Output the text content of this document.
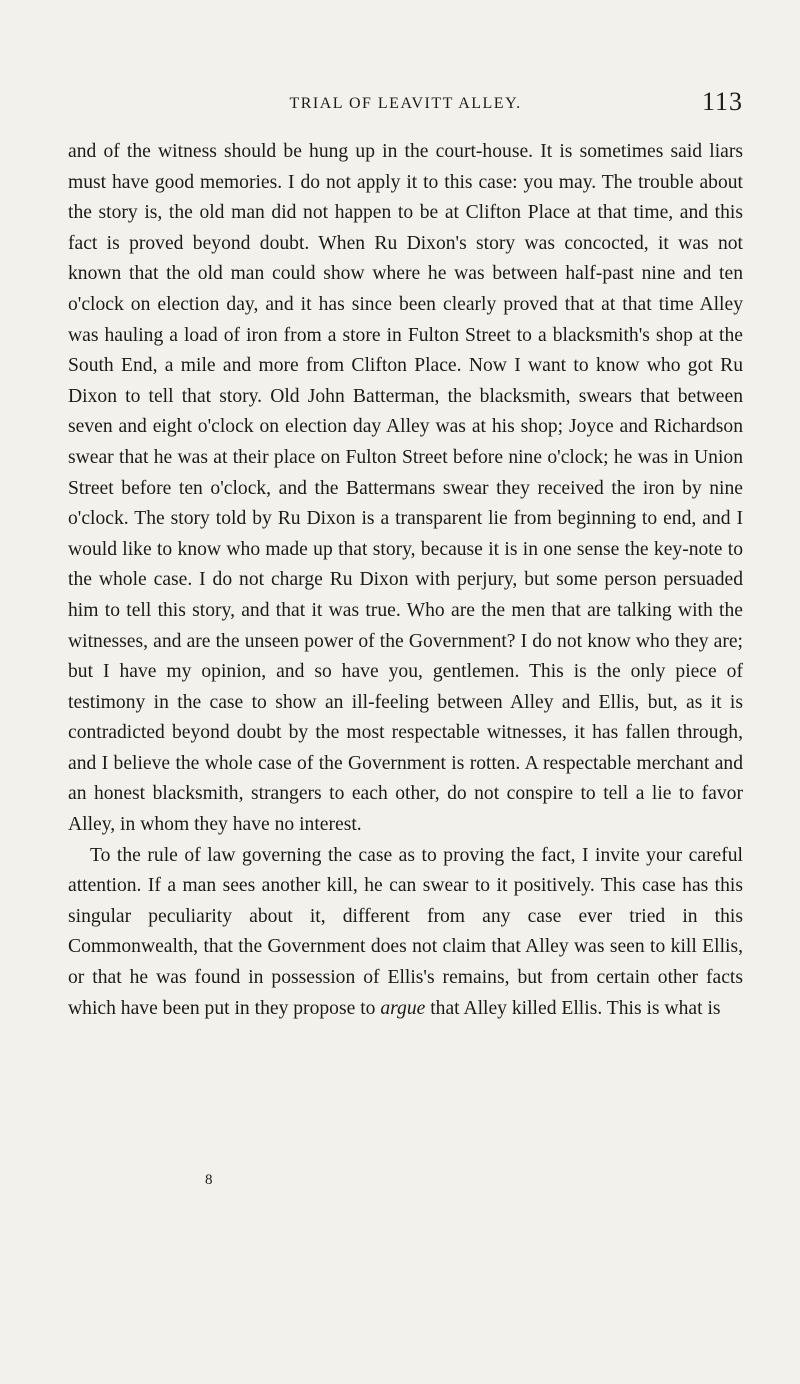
TRIAL OF LEAVITT ALLEY.	113

and of the witness should be hung up in the court-house. It is sometimes said liars must have good memories. I do not apply it to this case: you may. The trouble about the story is, the old man did not happen to be at Clifton Place at that time, and this fact is proved beyond doubt. When Ru Dixon's story was concocted, it was not known that the old man could show where he was between half-past nine and ten o'clock on election day, and it has since been clearly proved that at that time Alley was hauling a load of iron from a store in Fulton Street to a blacksmith's shop at the South End, a mile and more from Clifton Place. Now I want to know who got Ru Dixon to tell that story. Old John Batterman, the blacksmith, swears that between seven and eight o'clock on election day Alley was at his shop; Joyce and Richardson swear that he was at their place on Fulton Street before nine o'clock; he was in Union Street before ten o'clock, and the Battermans swear they received the iron by nine o'clock. The story told by Ru Dixon is a transparent lie from beginning to end, and I would like to know who made up that story, because it is in one sense the key-note to the whole case. I do not charge Ru Dixon with perjury, but some person persuaded him to tell this story, and that it was true. Who are the men that are talking with the witnesses, and are the unseen power of the Government? I do not know who they are; but I have my opinion, and so have you, gentlemen. This is the only piece of testimony in the case to show an ill-feeling between Alley and Ellis, but, as it is contradicted beyond doubt by the most respectable witnesses, it has fallen through, and I believe the whole case of the Government is rotten. A respectable merchant and an honest blacksmith, strangers to each other, do not conspire to tell a lie to favor Alley, in whom they have no interest.

To the rule of law governing the case as to proving the fact, I invite your careful attention. If a man sees another kill, he can swear to it positively. This case has this singular peculiarity about it, different from any case ever tried in this Commonwealth, that the Government does not claim that Alley was seen to kill Ellis, or that he was found in possession of Ellis's remains, but from certain other facts which have been put in they propose to argue that Alley killed Ellis. This is what is

8
